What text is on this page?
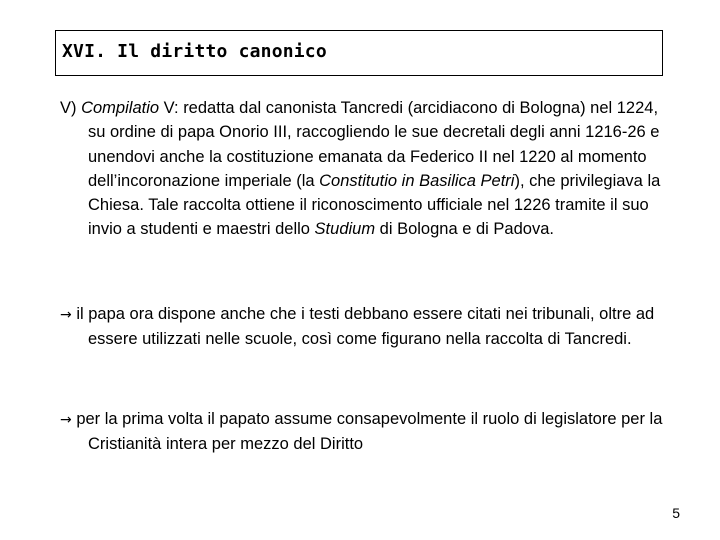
XVI. Il diritto canonico

V) Compilatio V: redatta dal canonista Tancredi (arcidiacono di Bologna) nel 1224, su ordine di papa Onorio III, raccogliendo le sue decretali degli anni 1216-26 e unendovi anche la costituzione emanata da Federico II nel 1220 al momento dell’incoronazione imperiale (la Constitutio in Basilica Petri), che privilegiava la Chiesa. Tale raccolta ottiene il riconoscimento ufficiale nel 1226 tramite il suo invio a studenti e maestri dello Studium di Bologna e di Padova.

→ il papa ora dispone anche che i testi debbano essere citati nei tribunali, oltre ad essere utilizzati nelle scuole, così come figurano nella raccolta di Tancredi.

→ per la prima volta il papato assume consapevolmente il ruolo di legislatore per la Cristianità intera per mezzo del Diritto

5
